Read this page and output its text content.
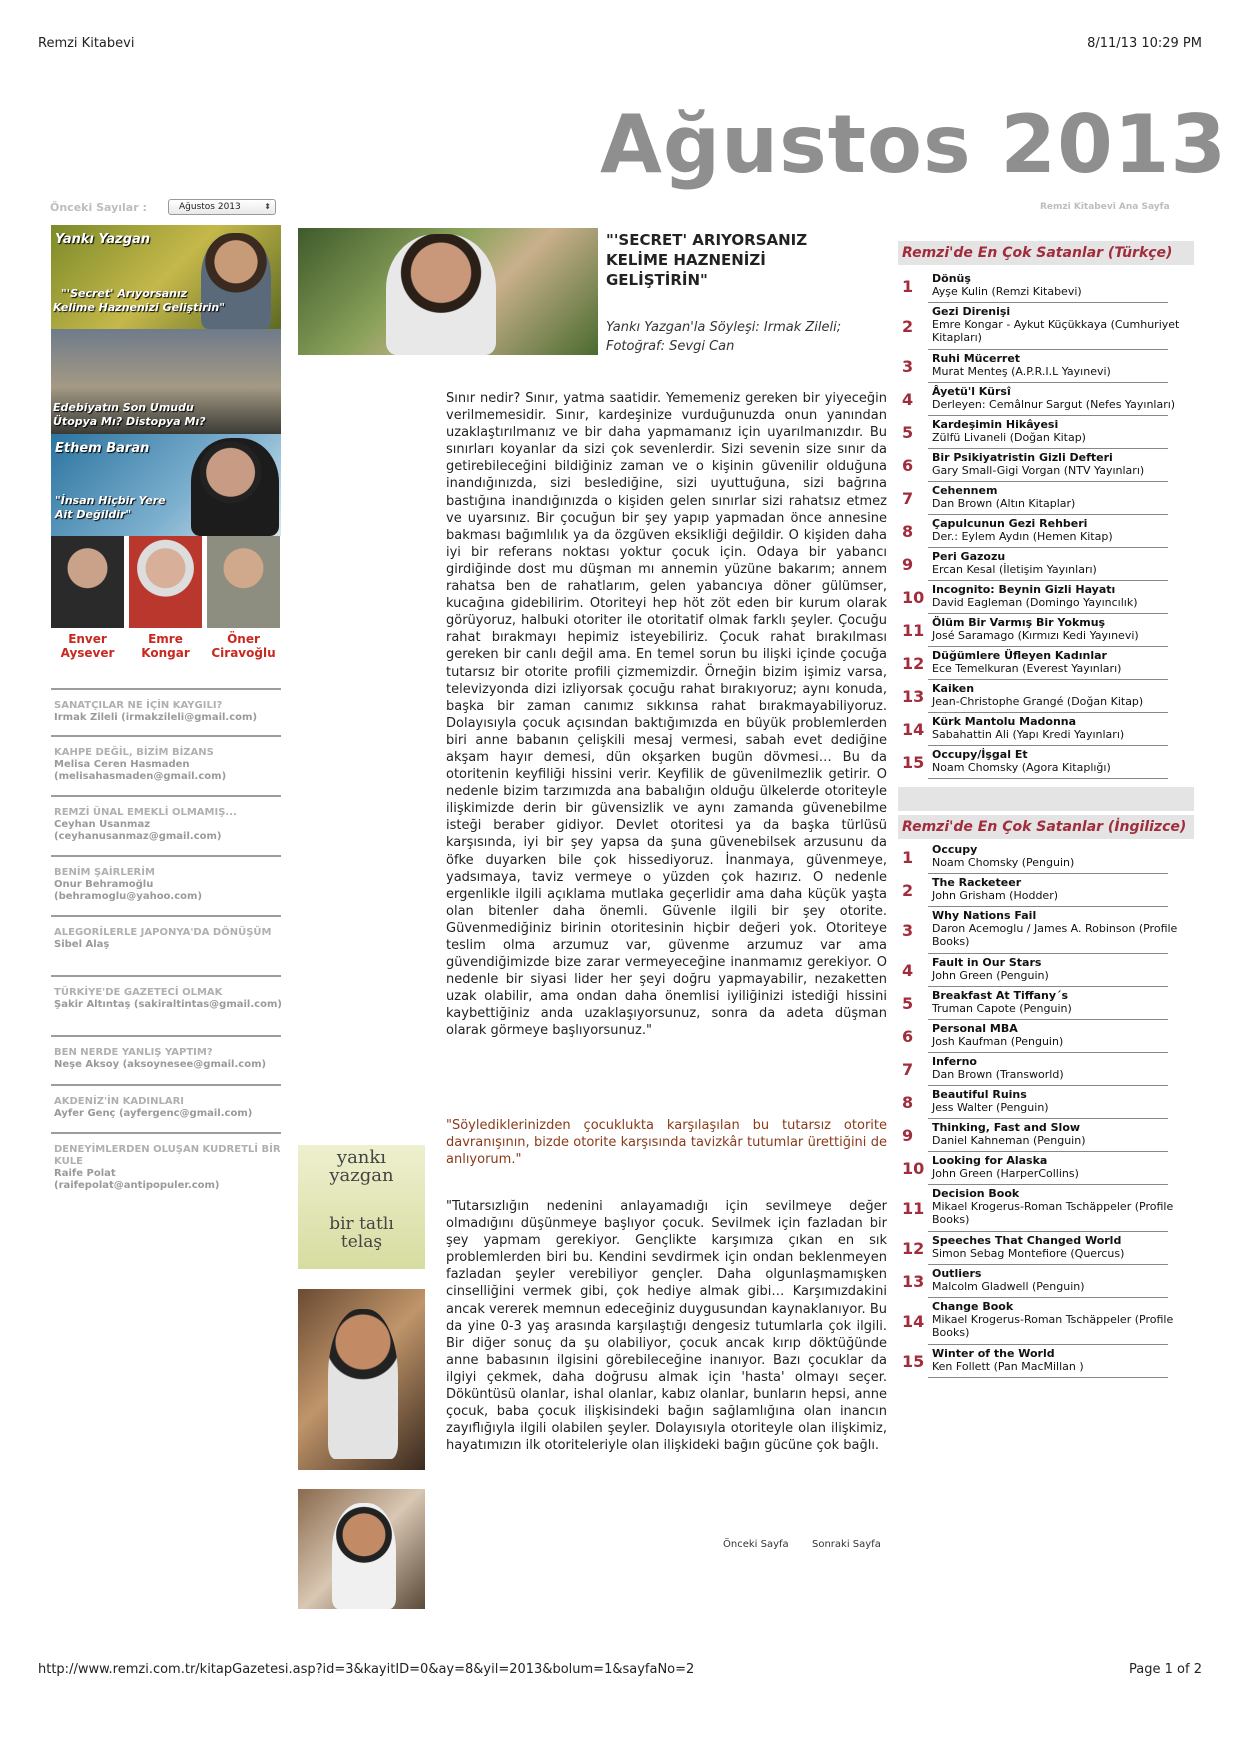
Remzi Kitabevi	8/11/13 10:29 PM
http://www.remzi.com.tr/kitapGazetesi.asp?id=3&kayitID=0&ay=8&yil=2013&bolum=1&sayfaNo=2	Page 1 of 2
Ağustos 2013
Önceki Sayılar :	Ağustos 2013	⬍	Remzi Kitabevi Ana Sayfa
Yankı Yazgan
"'Secret' Arıyorsanız
Kelime Haznenizi Geliştirin"
Edebiyatın Son Umudu
Ütopya Mı? Distopya Mı?
Ethem Baran
"İnsan Hiçbir Yere
Ait Değildir"
Enver
Aysever
Emre
Kongar
Öner
Ciravoğlu
SANATÇILAR NE İÇİN KAYGILI?
Irmak Zileli (irmakzileli@gmail.com)
KAHPE DEĞİL, BİZİM BİZANS
Melisa Ceren Hasmaden (melisahasmaden@gmail.com)
REMZİ ÜNAL EMEKLİ OLMAMIŞ...
Ceyhan Usanmaz (ceyhanusanmaz@gmail.com)
BENİM ŞAİRLERİM
Onur Behramoğlu (behramoglu@yahoo.com)
ALEGORİLERLE JAPONYA'DA DÖNÜŞÜM
Sibel Alaş
TÜRKİYE'DE GAZETECİ OLMAK
Şakir Altıntaş (sakiraltintas@gmail.com)
BEN NERDE YANLIŞ YAPTIM?
Neşe Aksoy (aksoynesee@gmail.com)
AKDENİZ'İN KADINLARI
Ayfer Genç (ayfergenc@gmail.com)
DENEYİMLERDEN OLUŞAN KUDRETLİ BİR KULE
Raife Polat (raifepolat@antipopuler.com)
"'SECRET' ARIYORSANIZ KELİME HAZNENİZİ GELİŞTİRİN"
Yankı Yazgan'la Söyleşi: Irmak Zileli; Fotoğraf: Sevgi Can
Sınır nedir? Sınır, yatma saatidir. Yememeniz gereken bir yiyeceğin verilmemesidir. Sınır, kardeşinize vurduğunuzda onun yanından uzaklaştırılmanız ve bir daha yapmamanız için uyarılmanızdır. Bu sınırları koyanlar da sizi çok sevenlerdir. Sizi sevenin size sınır da getirebileceğini bildiğiniz zaman ve o kişinin güvenilir olduğuna inandığınızda, sizi beslediğine, sizi uyuttuğuna, sizi bağrına bastığına inandığınızda o kişiden gelen sınırlar sizi rahatsız etmez ve uyarsınız. Bir çocuğun bir şey yapıp yapmadan önce annesine bakması bağımlılık ya da özgüven eksikliği değildir. O kişiden daha iyi bir referans noktası yoktur çocuk için. Odaya bir yabancı girdiğinde dost mu düşman mı annemin yüzüne bakarım; annem rahatsa ben de rahatlarım, gelen yabancıya döner gülümser, kucağına gidebilirim. Otoriteyi hep höt zöt eden bir kurum olarak görüyoruz, halbuki otoriter ile otoritatif olmak farklı şeyler. Çocuğu rahat bırakmayı hepimiz isteyebiliriz. Çocuk rahat bırakılması gereken bir canlı değil ama. En temel sorun bu ilişki içinde çocuğa tutarsız bir otorite profili çizmemizdir. Örneğin bizim işimiz varsa, televizyonda dizi izliyorsak çocuğu rahat bırakıyoruz; aynı konuda, başka bir zaman canımız sıkkınsa rahat bırakmayabiliyoruz. Dolayısıyla çocuk açısından baktığımızda en büyük problemlerden biri anne babanın çelişkili mesaj vermesi, sabah evet dediğine akşam hayır demesi, dün okşarken bugün dövmesi… Bu da otoritenin keyfiliği hissini verir. Keyfilik de güvenilmezlik getirir. O nedenle bizim tarzımızda ana babalığın olduğu ülkelerde otoriteyle ilişkimizde derin bir güvensizlik ve aynı zamanda güvenebilme isteği beraber gidiyor. Devlet otoritesi ya da başka türlüsü karşısında, iyi bir şey yapsa da şuna güvenebilsek arzusunu da öfke duyarken bile çok hissediyoruz. İnanmaya, güvenmeye, yadsımaya, taviz vermeye o yüzden çok hazırız. O nedenle ergenlikle ilgili açıklama mutlaka geçerlidir ama daha küçük yaşta olan bitenler daha önemli. Güvenle ilgili bir şey otorite. Güvenmediğiniz birinin otoritesinin hiçbir değeri yok. Otoriteye teslim olma arzumuz var, güvenme arzumuz var ama güvendiğimizde bize zarar vermeyeceğine inanmamız gerekiyor. O nedenle bir siyasi lider her şeyi doğru yapmayabilir, nezaketten uzak olabilir, ama ondan daha önemlisi iyiliğinizi istediği hissini kaybettiğiniz anda uzaklaşıyorsunuz, sonra da adeta düşman olarak görmeye başlıyorsunuz."
"Söylediklerinizden çocuklukta karşılaşılan bu tutarsız otorite davranışının, bizde otorite karşısında tavizkâr tutumlar ürettiğini de anlıyorum."
"Tutarsızlığın nedenini anlayamadığı için sevilmeye değer olmadığını düşünmeye başlıyor çocuk. Sevilmek için fazladan bir şey yapmam gerekiyor. Gençlikte karşımıza çıkan en sık problemlerden biri bu. Kendini sevdirmek için ondan beklenmeyen fazladan şeyler verebiliyor gençler. Daha olgunlaşmamışken cinselliğini vermek gibi, çok hediye almak gibi… Karşımızdakini ancak vererek memnun edeceğiniz duygusundan kaynaklanıyor. Bu da yine 0-3 yaş arasında karşılaştığı dengesiz tutumlarla çok ilgili. Bir diğer sonuç da şu olabiliyor, çocuk ancak kırıp döktüğünde anne babasının ilgisini görebileceğine inanıyor. Bazı çocuklar da ilgiyi çekmek, daha doğrusu almak için 'hasta' olmayı seçer. Döküntüsü olanlar, ishal olanlar, kabız olanlar, bunların hepsi, anne çocuk, baba çocuk ilişkisindeki bağın sağlamlığına olan inancın zayıflığıyla ilgili olabilen şeyler. Dolayısıyla otoriteyle olan ilişkimiz, hayatımızın ilk otoriteleriyle olan ilişkideki bağın gücüne çok bağlı.
Önceki Sayfa Sonraki Sayfa
yankı
yazgan
bir tatlı
telaş
Remzi'de En Çok Satanlar (Türkçe)
Remzi'de En Çok Satanlar (İngilizce)
1 Dönüş
Ayşe Kulin (Remzi Kitabevi)
2
Gezi Direnişi
Emre Kongar - Aykut Küçükkaya (Cumhuriyet Kitapları)
3 Ruhi Mücerret
Murat Menteş (A.P.R.I.L Yayınevi)
4 Âyetü'l Kürsî
Derleyen: Cemâlnur Sargut (Nefes Yayınları)
5 Kardeşimin Hikâyesi
Zülfü Livaneli (Doğan Kitap)
6 Bir Psikiyatristin Gizli Defteri
Gary Small-Gigi Vorgan (NTV Yayınları)
7 Cehennem
Dan Brown (Altın Kitaplar)
8 Çapulcunun Gezi Rehberi
Der.: Eylem Aydın (Hemen Kitap)
9 Peri Gazozu
Ercan Kesal (İletişim Yayınları)
10 Incognito: Beynin Gizli Hayatı
David Eagleman (Domingo Yayıncılık)
11 Ölüm Bir Varmış Bir Yokmuş
José Saramago (Kırmızı Kedi Yayınevi)
12 Düğümlere Üfleyen Kadınlar
Ece Temelkuran (Everest Yayınları)
13 Kaiken
Jean-Christophe Grangé (Doğan Kitap)
14 Kürk Mantolu Madonna
Sabahattin Ali (Yapı Kredi Yayınları)
15 Occupy/İşgal Et
Noam Chomsky (Agora Kitaplığı)
1 Occupy
Noam Chomsky (Penguin)
2 The Racketeer
John Grisham (Hodder)
3
Why Nations Fail
Daron Acemoglu / James A. Robinson (Profile Books)
4 Fault in Our Stars
John Green (Penguin)
5 Breakfast At Tiffany´s
Truman Capote (Penguin)
6 Personal MBA
Josh Kaufman (Penguin)
7 Inferno
Dan Brown (Transworld)
8 Beautiful Ruins
Jess Walter (Penguin)
9 Thinking, Fast and Slow
Daniel Kahneman (Penguin)
10 Looking for Alaska
John Green (HarperCollins)
11
Decision Book
Mikael Krogerus-Roman Tschäppeler (Profile Books)
12 Speeches That Changed World
Simon Sebag Montefiore (Quercus)
13 Outliers
Malcolm Gladwell (Penguin)
14
Change Book
Mikael Krogerus-Roman Tschäppeler (Profile Books)
15 Winter of the World
Ken Follett (Pan MacMillan )
